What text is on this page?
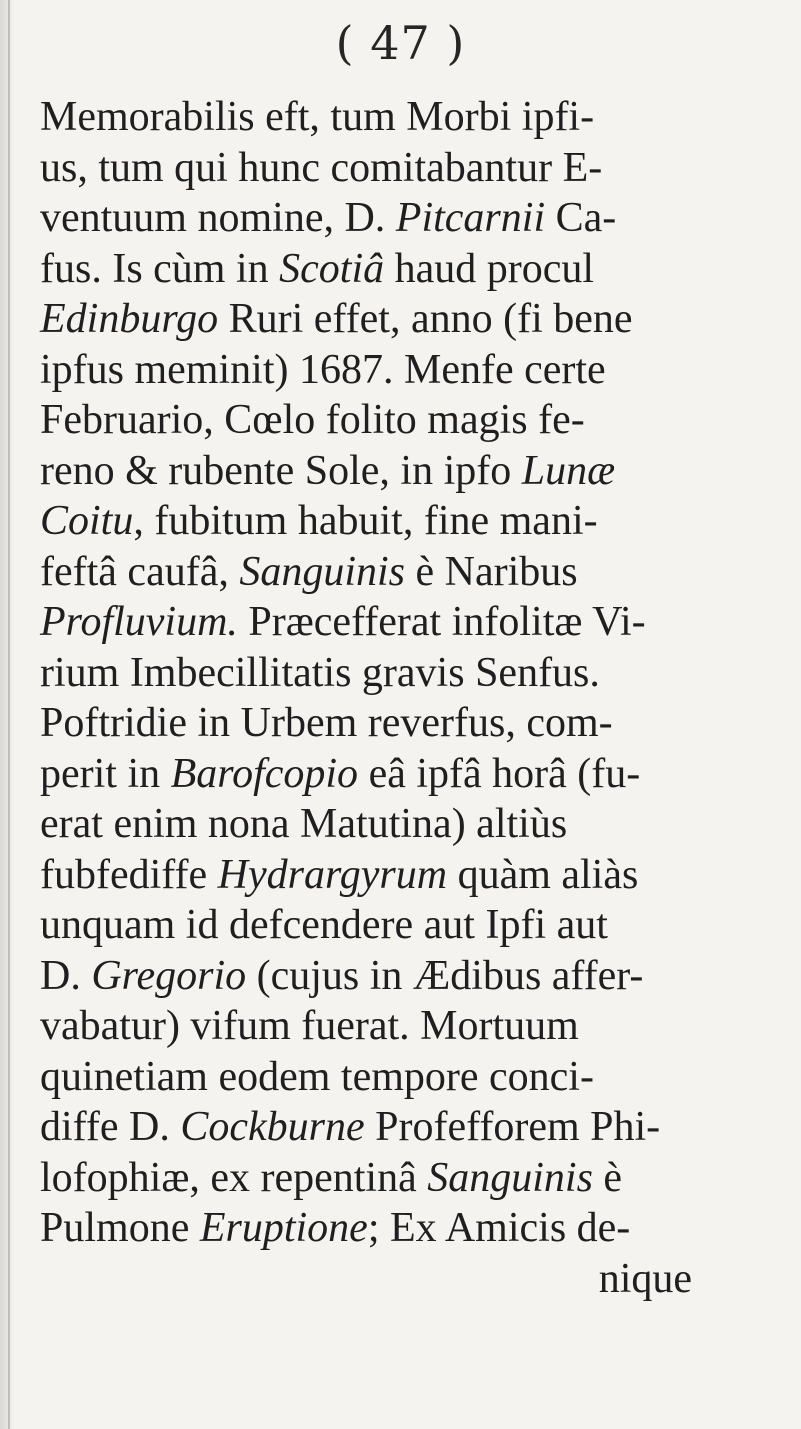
( 47 )
Memorabilis eft, tum Morbi ipfi-
us, tum qui hunc comitabantur E-
ventuum nomine, D. Pitcarnii Ca-
fus. Is cùm in Scotiâ haud procul
Edinburgo Ruri effet, anno (fi bene
ipfus meminit) 1687. Menfe certe
Februario, Cœlo folito magis fe-
reno & rubente Sole, in ipfo Lunæ
Coitu, fubitum habuit, fine mani-
feftâ caufâ, Sanguinis è Naribus
Profluvium. Præcefferat infolitæ Vi-
rium Imbecillitatis gravis Senfus.
Poftridie in Urbem reverfus, com-
perit in Barofcopio eâ ipfâ horâ (fu-
erat enim nona Matutina) altiùs
fubfediffe Hydrargyrum quàm aliàs
unquam id defcendere aut Ipfi aut
D. Gregorio (cujus in Ædibus affer-
vabatur) vifum fuerat. Mortuum
quinetiam eodem tempore conci-
diffe D. Cockburne Profefforem Phi-
lofophiæ, ex repentinâ Sanguinis è
Pulmone Eruptione; Ex Amicis de-
nique
